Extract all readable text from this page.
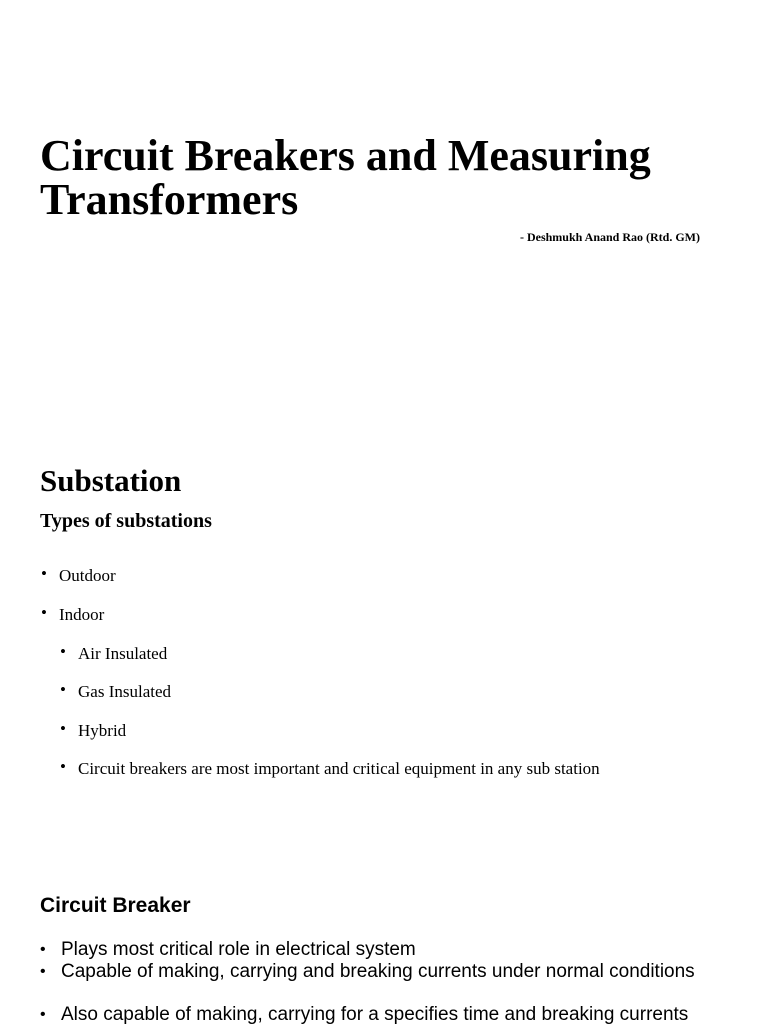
Circuit Breakers and Measuring Transformers
- Deshmukh Anand Rao (Rtd. GM)
Substation
Types of substations
• Outdoor
• Indoor
• Air Insulated
• Gas Insulated
• Hybrid
• Circuit breakers are most important and critical equipment in any sub station
Circuit Breaker
• Plays most critical role in electrical system
• Capable of making, carrying and breaking currents under normal conditions
• Also capable of making, carrying for a specifies time and breaking currents
